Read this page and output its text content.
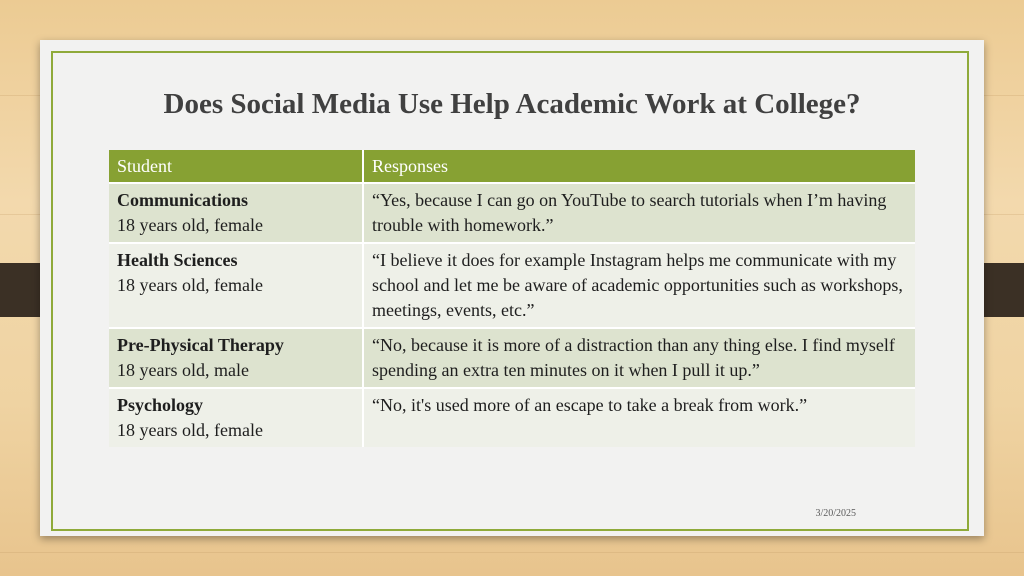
Does Social Media Use Help Academic Work at College?
Student	Responses

Communications
18 years old, female	“Yes, because I can go on YouTube to search tutorials when I’m having trouble with homework.”

Health Sciences
18 years old, female	“I believe it does for example Instagram helps me communicate with my school and let me be aware of academic opportunities such as workshops, meetings, events, etc.”

Pre-Physical Therapy
18 years old, male	“No, because it is more of a distraction than any thing else. I find myself spending an extra ten minutes on it when I pull it up.”

Psychology
18 years old, female	“No, it's used more of an escape to take a break from work.”
3/20/2025
